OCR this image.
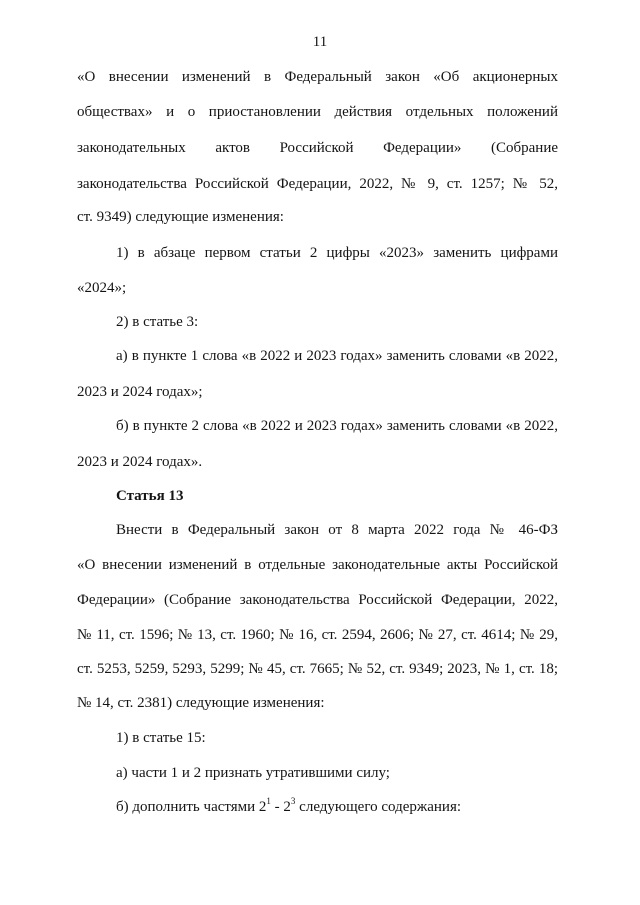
11
«О внесении изменений в Федеральный закон «Об акционерных
обществах» и о приостановлении действия отдельных положений
законодательных актов Российской Федерации» (Собрание
законодательства Российской Федерации, 2022, № 9, ст. 1257; № 52,
ст. 9349) следующие изменения:
1) в абзаце первом статьи 2 цифры «2023» заменить цифрами
«2024»;
2) в статье 3:
а) в пункте 1 слова «в 2022 и 2023 годах» заменить словами «в 2022,
2023 и 2024 годах»;
б) в пункте 2 слова «в 2022 и 2023 годах» заменить словами «в 2022,
2023 и 2024 годах».
Статья 13
Внести в Федеральный закон от 8 марта 2022 года № 46-ФЗ
«О внесении изменений в отдельные законодательные акты Российской
Федерации» (Собрание законодательства Российской Федерации, 2022,
№ 11, ст. 1596; № 13, ст. 1960; № 16, ст. 2594, 2606; № 27, ст. 4614; № 29,
ст. 5253, 5259, 5293, 5299; № 45, ст. 7665; № 52, ст. 9349; 2023, № 1, ст. 18;
№ 14, ст. 2381) следующие изменения:
1) в статье 15:
а) части 1 и 2 признать утратившими силу;
б) дополнить частями $2^1 - 2^3$ следующего содержания:
